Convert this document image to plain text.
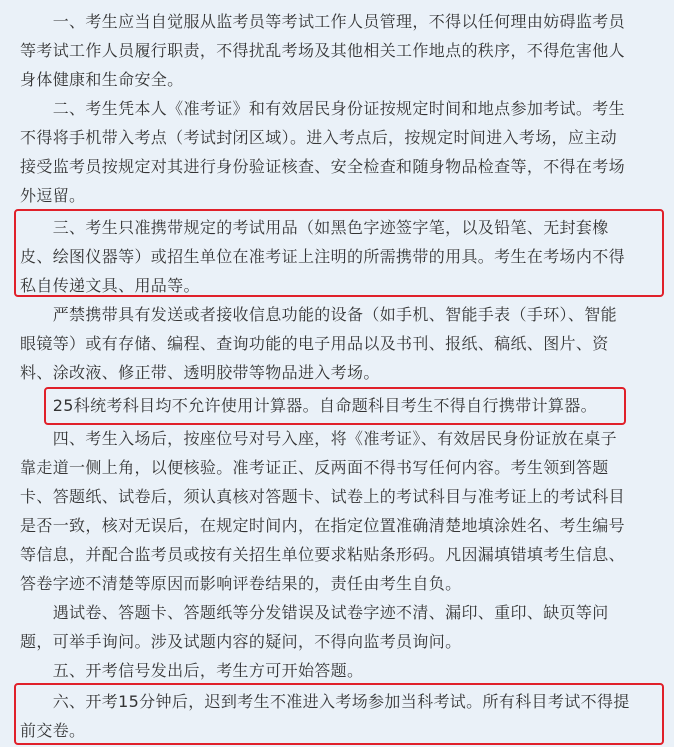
　　一、考生应当自觉服从监考员等考试工作人员管理，不得以任何理由妨碍监考员
等考试工作人员履行职责，不得扰乱考场及其他相关工作地点的秩序，不得危害他人
身体健康和生命安全。
　　二、考生凭本人《准考证》和有效居民身份证按规定时间和地点参加考试。考生
不得将手机带入考点（考试封闭区域）。进入考点后，按规定时间进入考场，应主动
接受监考员按规定对其进行身份验证核查、安全检查和随身物品检查等，不得在考场
外逗留。
　　三、考生只准携带规定的考试用品（如黑色字迹签字笔，以及铅笔、无封套橡
皮、绘图仪器等）或招生单位在准考证上注明的所需携带的用具。考生在考场内不得
私自传递文具、用品等。
　　严禁携带具有发送或者接收信息功能的设备（如手机、智能手表（手环）、智能
眼镜等）或有存储、编程、查询功能的电子用品以及书刊、报纸、稿纸、图片、资
料、涂改液、修正带、透明胶带等物品进入考场。
　　25科统考科目均不允许使用计算器。自命题科目考生不得自行携带计算器。
　　四、考生入场后，按座位号对号入座，将《准考证》、有效居民身份证放在桌子
靠走道一侧上角，以便核验。准考证正、反两面不得书写任何内容。考生领到答题
卡、答题纸、试卷后，须认真核对答题卡、试卷上的考试科目与准考证上的考试科目
是否一致，核对无误后，在规定时间内，在指定位置准确清楚地填涂姓名、考生编号
等信息，并配合监考员或按有关招生单位要求粘贴条形码。凡因漏填错填考生信息、
答卷字迹不清楚等原因而影响评卷结果的，责任由考生自负。
　　遇试卷、答题卡、答题纸等分发错误及试卷字迹不清、漏印、重印、缺页等问
题，可举手询问。涉及试题内容的疑问，不得向监考员询问。
　　五、开考信号发出后，考生方可开始答题。
　　六、开考15分钟后，迟到考生不准进入考场参加当科考试。所有科目考试不得提
前交卷。
